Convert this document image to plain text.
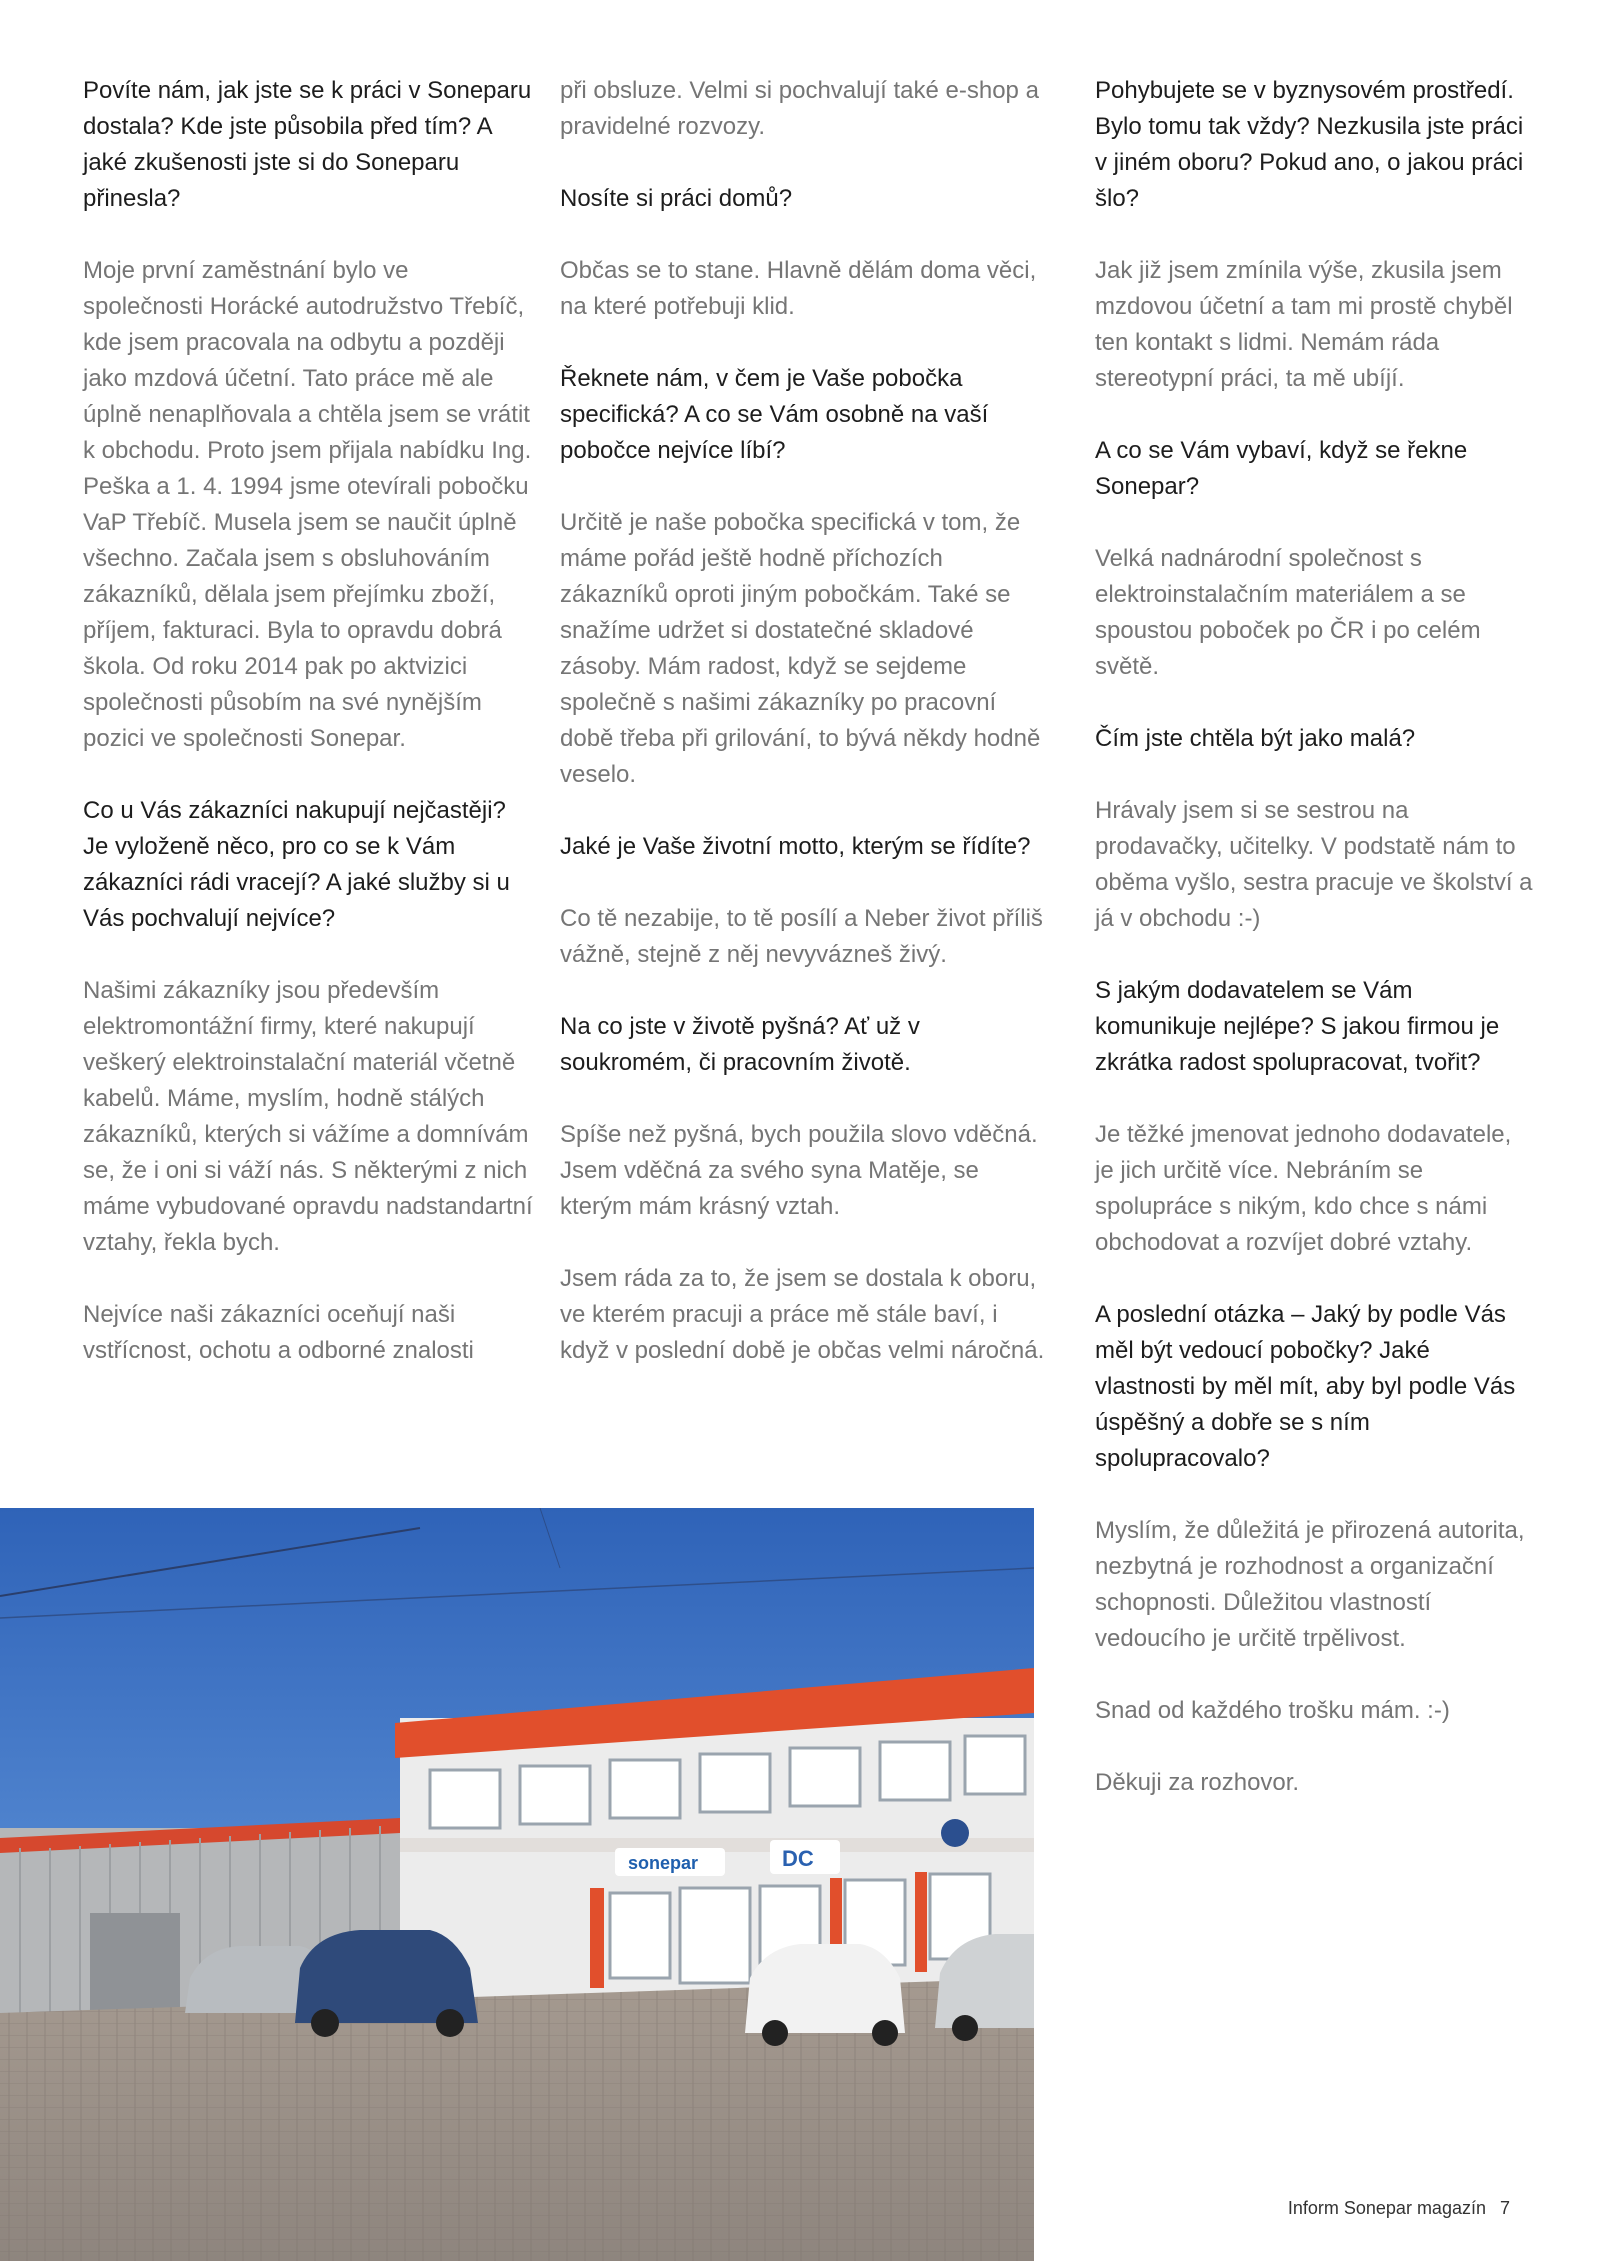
Povíte nám, jak jste se k práci v Soneparu dostala? Kde jste působila před tím? A jaké zkušenosti jste si do Soneparu přinesla?

Moje první zaměstnání bylo ve společnosti Horácké autodružstvo Třebíč, kde jsem pracovala na odbytu a později jako mzdová účetní. Tato práce mě ale úplně nenaplňovala a chtěla jsem se vrátit k obchodu. Proto jsem přijala nabídku Ing. Peška a 1. 4. 1994 jsme otevírali pobočku VaP Třebíč. Musela jsem se naučit úplně všechno. Začala jsem s obsluhováním zákazníků, dělala jsem přejímku zboží, příjem, fakturaci. Byla to opravdu dobrá škola. Od roku 2014 pak po aktvizici společnosti působím na své nynějším pozici ve společnosti Sonepar.

Co u Vás zákazníci nakupují nejčastěji? Je vyloženě něco, pro co se k Vám zákazníci rádi vracejí? A jaké služby si u Vás pochvalují nejvíce?

Našimi zákazníky jsou především elektromontážní firmy, které nakupují veškerý elektroinstalační materiál včetně kabelů. Máme, myslím, hodně stálých zákazníků, kterých si vážíme a domnívám se, že i oni si váží nás. S některými z nich máme vybudované opravdu nadstandartní vztahy, řekla bych.

Nejvíce naši zákazníci oceňují naši vstřícnost, ochotu a odborné znalosti

při obsluze. Velmi si pochvalují také e-shop a pravidelné rozvozy.

Nosíte si práci domů?

Občas se to stane. Hlavně dělám doma věci, na které potřebuji klid.

Řeknete nám, v čem je Vaše pobočka specifická? A co se Vám osobně na vaší pobočce nejvíce líbí?

Určitě je naše pobočka specifická v tom, že máme pořád ještě hodně příchozích zákazníků oproti jiným pobočkám. Také se snažíme udržet si dostatečné skladové zásoby. Mám radost, když se sejdeme společně s našimi zákazníky po pracovní době třeba při grilování, to bývá někdy hodně veselo.

Jaké je Vaše životní motto, kterým se řídíte?

Co tě nezabije, to tě posílí a Neber život příliš vážně, stejně z něj nevyvázneš živý.

Na co jste v životě pyšná? Ať už v soukromém, či pracovním životě.

Spíše než pyšná, bych použila slovo vděčná. Jsem vděčná za svého syna Matěje, se kterým mám krásný vztah.

Jsem ráda za to, že jsem se dostala k oboru, ve kterém pracuji a práce mě stále baví, i když v poslední době je občas velmi náročná.

Pohybujete se v byznysovém prostředí. Bylo tomu tak vždy? Nezkusila jste práci v jiném oboru? Pokud ano, o jakou práci šlo?

Jak již jsem zmínila výše, zkusila jsem mzdovou účetní a tam mi prostě chyběl ten kontakt s lidmi. Nemám ráda stereotypní práci, ta mě ubíjí.

A co se Vám vybaví, když se řekne Sonepar?

Velká nadnárodní společnost s elektroinstalačním materiálem a se spoustou poboček po ČR i po celém světě.

Čím jste chtěla být jako malá?

Hrávaly jsem si se sestrou na prodavačky, učitelky. V podstatě nám to oběma vyšlo, sestra pracuje ve školství a já v obchodu :-)

S jakým dodavatelem se Vám komunikuje nejlépe? S jakou firmou je zkrátka radost spolupracovat, tvořit?

Je těžké jmenovat jednoho dodavatele, je jich určitě více. Nebráním se spolupráce s nikým, kdo chce s námi obchodovat a rozvíjet dobré vztahy.

A poslední otázka – Jaký by podle Vás měl být vedoucí pobočky? Jaké vlastnosti by měl mít, aby byl podle Vás úspěšný a dobře se s ním spolupracovalo?

Myslím, že důležitá je přirozená autorita, nezbytná je rozhodnost a organizační schopnosti. Důležitou vlastností vedoucího je určitě trpělivost.

Snad od každého trošku mám. :-)

Děkuji za rozhovor.

sonepar	DC
Inform Sonepar magazín 7
